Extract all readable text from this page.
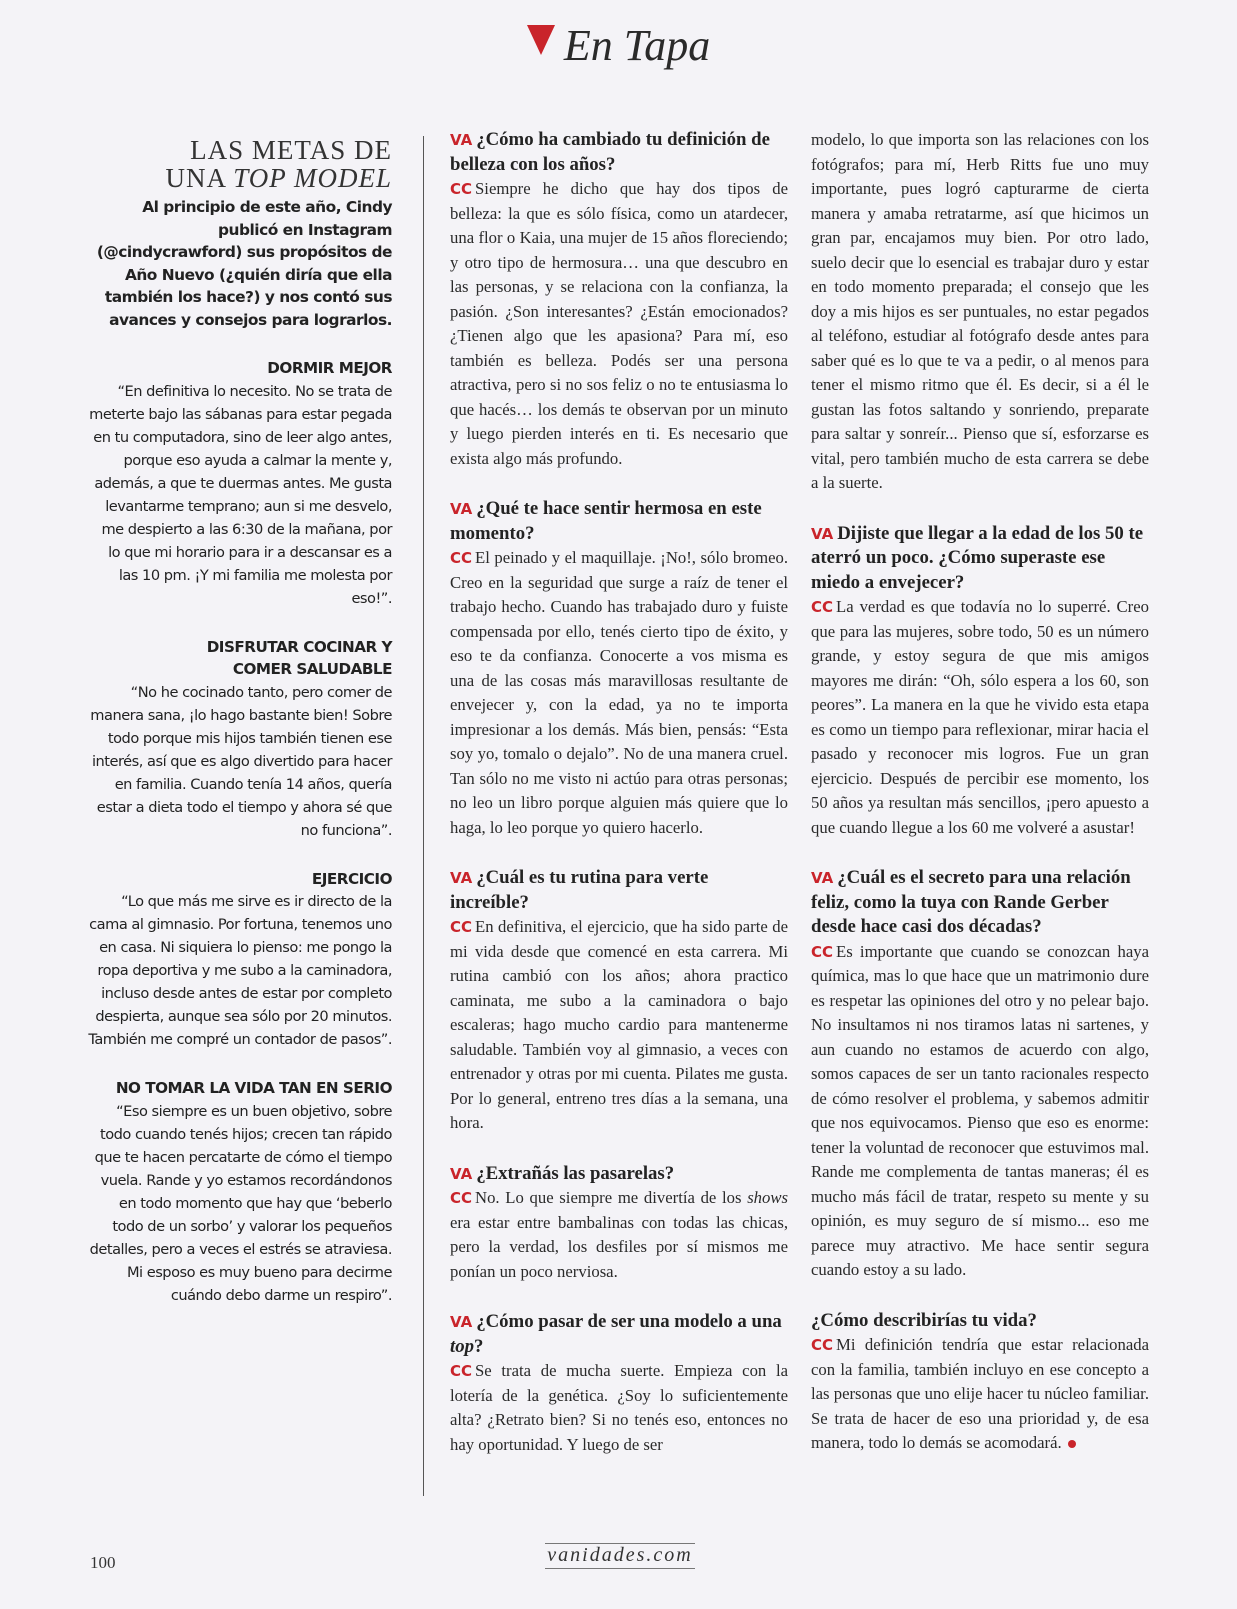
En Tapa
LAS METAS DE
UNA TOP MODEL

Al principio de este año, Cindy publicó en Instagram (@cindycrawford) sus propósitos de Año Nuevo (¿quién diría que ella también los hace?) y nos contó sus avances y consejos para lograrlos.

DORMIR MEJOR

“En definitiva lo necesito. No se trata de meterte bajo las sábanas para estar pegada en tu computadora, sino de leer algo antes, porque eso ayuda a calmar la mente y, además, a que te duermas antes. Me gusta levantarme temprano; aun si me desvelo, me despierto a las 6:30 de la mañana, por lo que mi horario para ir a descansar es a las 10 pm. ¡Y mi familia me molesta por eso!”.

DISFRUTAR COCINAR Y COMER SALUDABLE

“No he cocinado tanto, pero comer de manera sana, ¡lo hago bastante bien! Sobre todo porque mis hijos también tienen ese interés, así que es algo divertido para hacer en familia. Cuando tenía 14 años, quería estar a dieta todo el tiempo y ahora sé que no funciona”.

EJERCICIO

“Lo que más me sirve es ir directo de la cama al gimnasio. Por fortuna, tenemos uno en casa. Ni siquiera lo pienso: me pongo la ropa deportiva y me subo a la caminadora, incluso desde antes de estar por completo despierta, aunque sea sólo por 20 minutos. También me compré un contador de pasos”.

NO TOMAR LA VIDA TAN EN SERIO

“Eso siempre es un buen objetivo, sobre todo cuando tenés hijos; crecen tan rápido que te hacen percatarte de cómo el tiempo vuela. Rande y yo estamos recordándonos en todo momento que hay que ‘beberlo todo de un sorbo’ y valorar los pequeños detalles, pero a veces el estrés se atraviesa. Mi esposo es muy bueno para decirme cuándo debo darme un respiro”.

VA ¿Cómo ha cambiado tu definición de belleza con los años?

CC Siempre he dicho que hay dos tipos de belleza: la que es sólo física, como un atardecer, una flor o Kaia, una mujer de 15 años floreciendo; y otro tipo de hermosura… una que descubro en las personas, y se relaciona con la confianza, la pasión. ¿Son interesantes? ¿Están emocionados? ¿Tienen algo que les apasiona? Para mí, eso también es belleza. Podés ser una persona atractiva, pero si no sos feliz o no te entusiasma lo que hacés… los demás te observan por un minuto y luego pierden interés en ti. Es necesario que exista algo más profundo.

VA ¿Qué te hace sentir hermosa en este momento?

CC El peinado y el maquillaje. ¡No!, sólo bromeo. Creo en la seguridad que surge a raíz de tener el trabajo hecho. Cuando has trabajado duro y fuiste compensada por ello, tenés cierto tipo de éxito, y eso te da confianza. Conocerte a vos misma es una de las cosas más maravillosas resultante de envejecer y, con la edad, ya no te importa impresionar a los demás. Más bien, pensás: “Esta soy yo, tomalo o dejalo”. No de una manera cruel. Tan sólo no me visto ni actúo para otras personas; no leo un libro porque alguien más quiere que lo haga, lo leo porque yo quiero hacerlo.

VA ¿Cuál es tu rutina para verte increíble?

CC En definitiva, el ejercicio, que ha sido parte de mi vida desde que comencé en esta carrera. Mi rutina cambió con los años; ahora practico caminata, me subo a la caminadora o bajo escaleras; hago mucho cardio para mantenerme saludable. También voy al gimnasio, a veces con entrenador y otras por mi cuenta. Pilates me gusta. Por lo general, entreno tres días a la semana, una hora.

VA ¿Extrañás las pasarelas?

CC No. Lo que siempre me divertía de los shows era estar entre bambalinas con todas las chicas, pero la verdad, los desfiles por sí mismos me ponían un poco nerviosa.

VA ¿Cómo pasar de ser una modelo a una top?

CC Se trata de mucha suerte. Empieza con la lotería de la genética. ¿Soy lo suficientemente alta? ¿Retrato bien? Si no tenés eso, entonces no hay oportunidad. Y luego de ser

modelo, lo que importa son las relaciones con los fotógrafos; para mí, Herb Ritts fue uno muy importante, pues logró capturarme de cierta manera y amaba retratarme, así que hicimos un gran par, encajamos muy bien. Por otro lado, suelo decir que lo esencial es trabajar duro y estar en todo momento preparada; el consejo que les doy a mis hijos es ser puntuales, no estar pegados al teléfono, estudiar al fotógrafo desde antes para saber qué es lo que te va a pedir, o al menos para tener el mismo ritmo que él. Es decir, si a él le gustan las fotos saltando y sonriendo, preparate para saltar y sonreír... Pienso que sí, esforzarse es vital, pero también mucho de esta carrera se debe a la suerte.

VA Dijiste que llegar a la edad de los 50 te aterró un poco. ¿Cómo superaste ese miedo a envejecer?

CC La verdad es que todavía no lo superré. Creo que para las mujeres, sobre todo, 50 es un número grande, y estoy segura de que mis amigos mayores me dirán: “Oh, sólo espera a los 60, son peores”. La manera en la que he vivido esta etapa es como un tiempo para reflexionar, mirar hacia el pasado y reconocer mis logros. Fue un gran ejercicio. Después de percibir ese momento, los 50 años ya resultan más sencillos, ¡pero apuesto a que cuando llegue a los 60 me volveré a asustar!

VA ¿Cuál es el secreto para una relación feliz, como la tuya con Rande Gerber desde hace casi dos décadas?

CC Es importante que cuando se conozcan haya química, mas lo que hace que un matrimonio dure es respetar las opiniones del otro y no pelear bajo. No insultamos ni nos tiramos latas ni sartenes, y aun cuando no estamos de acuerdo con algo, somos capaces de ser un tanto racionales respecto de cómo resolver el problema, y sabemos admitir que nos equivocamos. Pienso que eso es enorme: tener la voluntad de reconocer que estuvimos mal. Rande me complementa de tantas maneras; él es mucho más fácil de tratar, respeto su mente y su opinión, es muy seguro de sí mismo... eso me parece muy atractivo. Me hace sentir segura cuando estoy a su lado.

¿Cómo describirías tu vida?

CC Mi definición tendría que estar relacionada con la familia, también incluyo en ese concepto a las personas que uno elije hacer tu núcleo familiar. Se trata de hacer de eso una prioridad y, de esa manera, todo lo demás se acomodará.

100	vanidades.com
